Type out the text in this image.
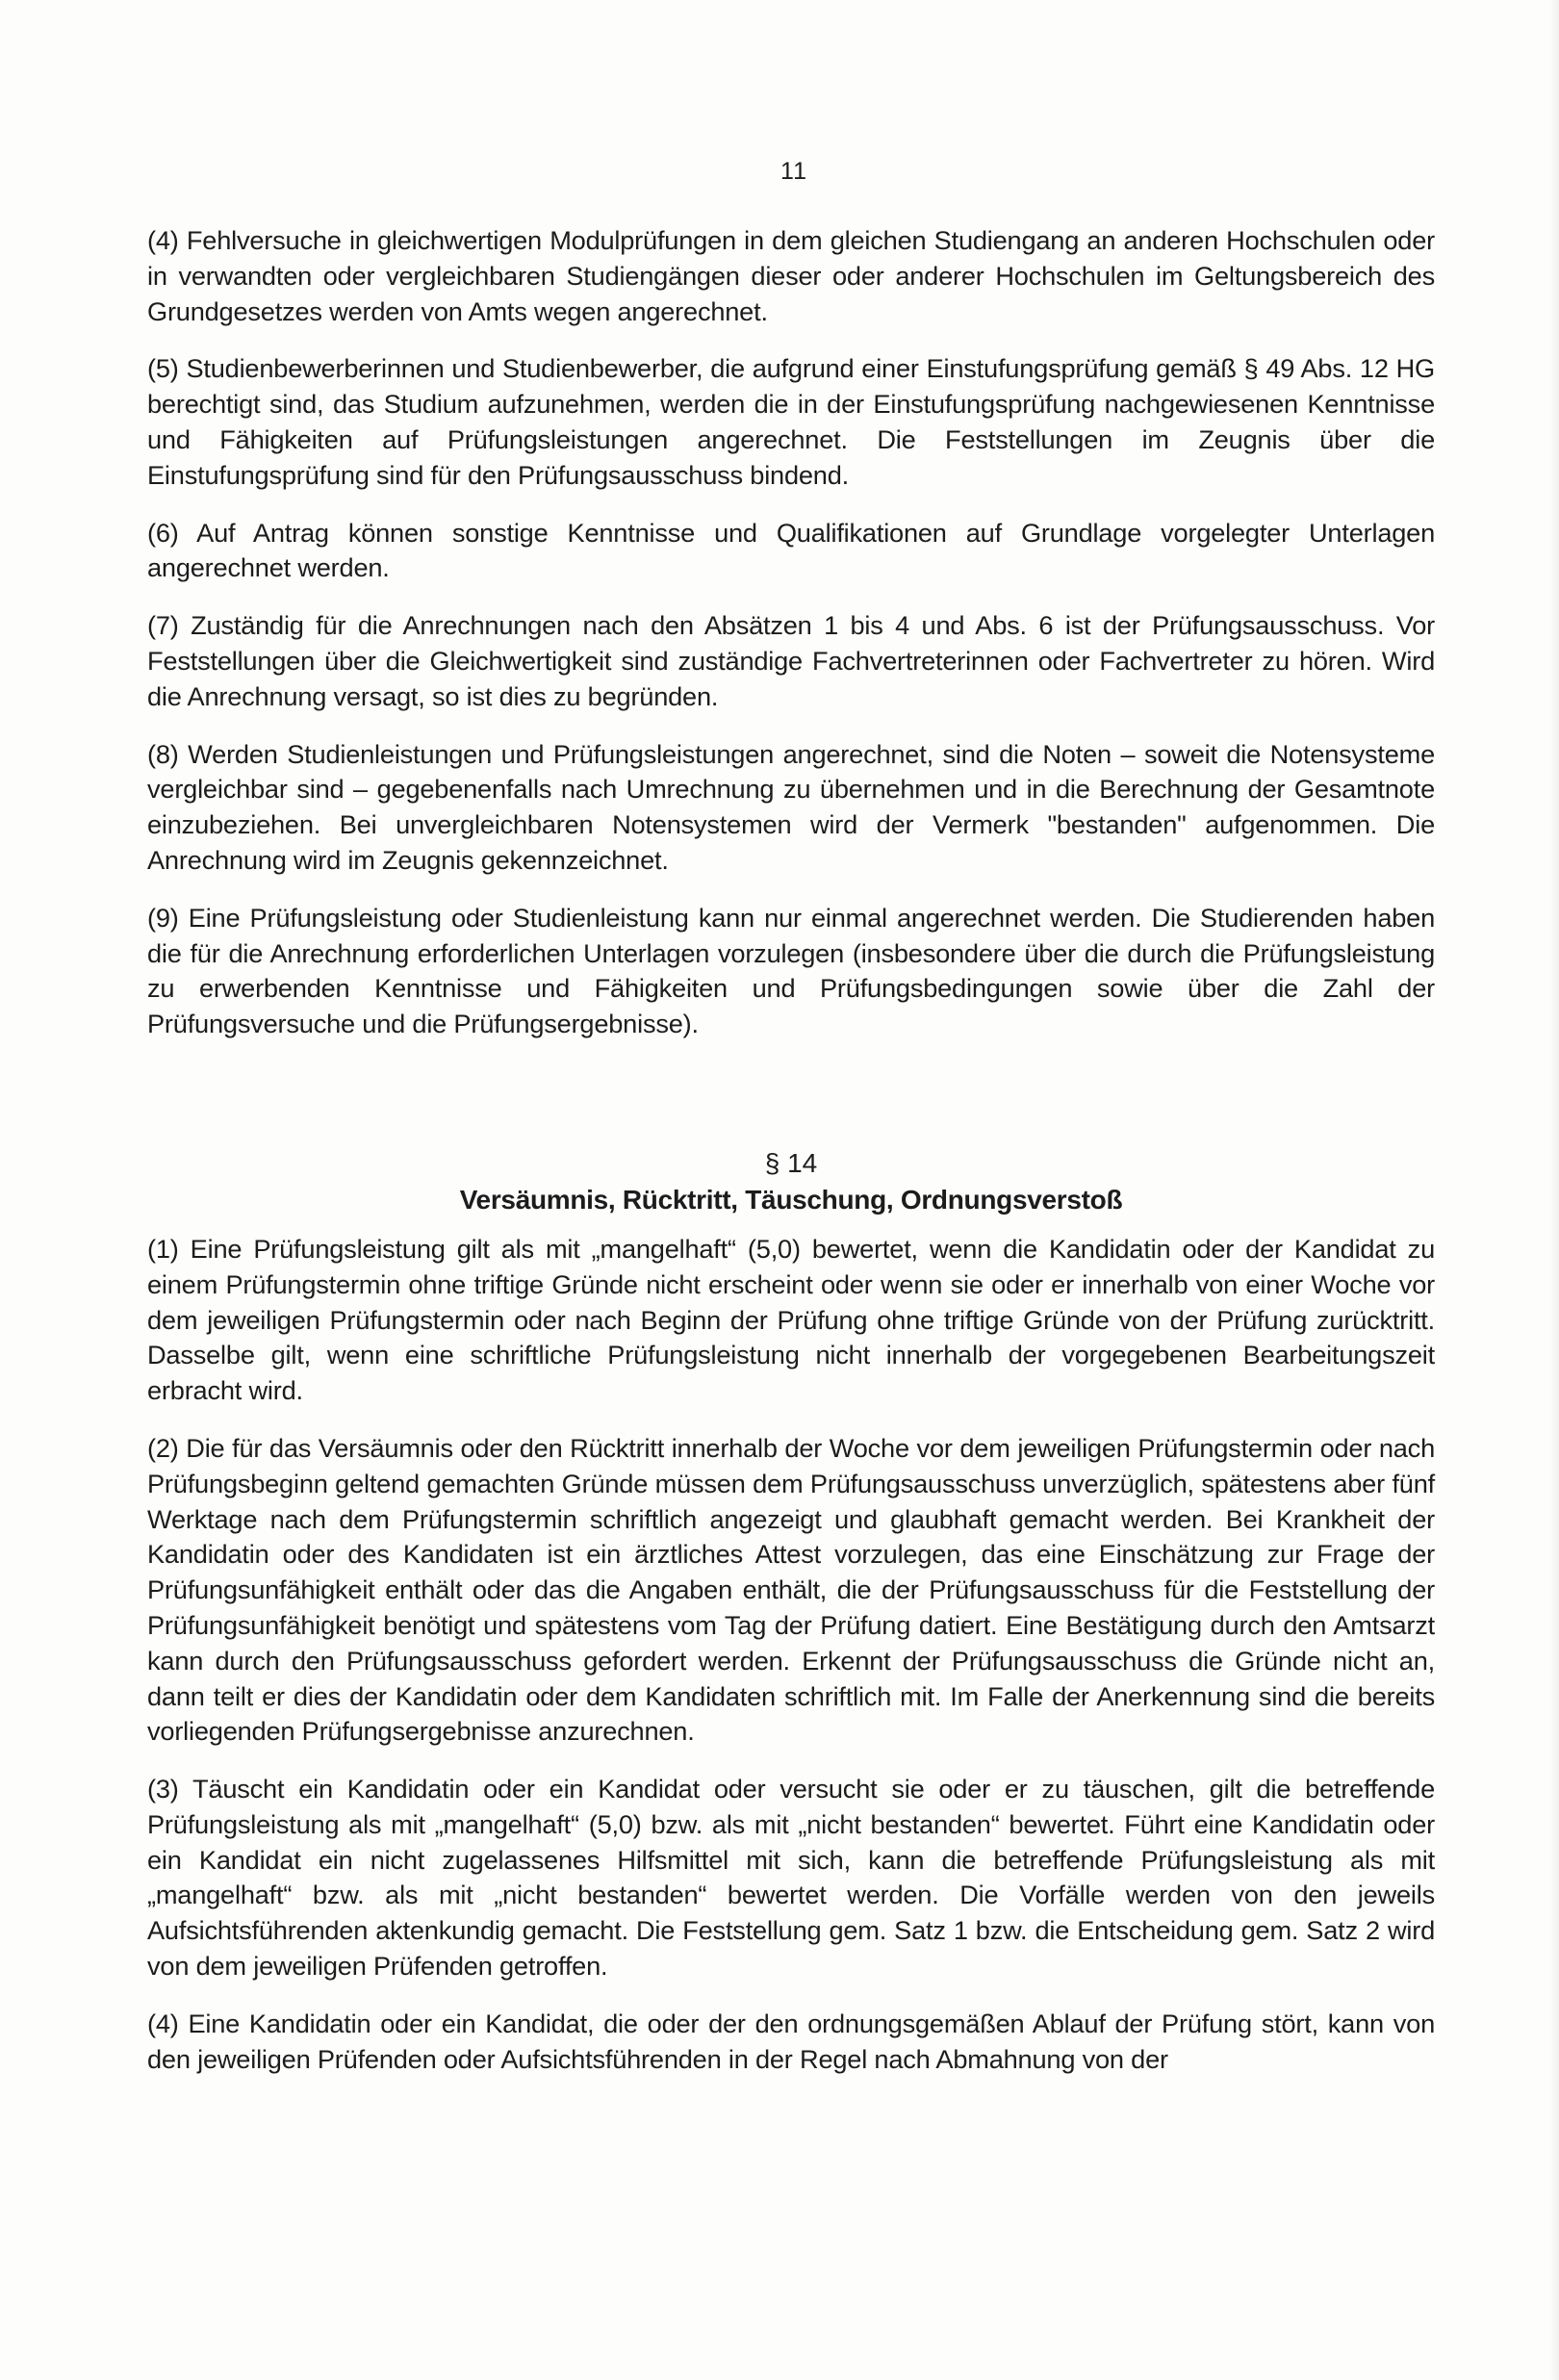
11

(4) Fehlversuche in gleichwertigen Modulprüfungen in dem gleichen Studiengang an anderen Hochschulen oder in verwandten oder vergleichbaren Studiengängen dieser oder anderer Hochschulen im Geltungsbereich des Grundgesetzes werden von Amts wegen angerechnet.

(5) Studienbewerberinnen und Studienbewerber, die aufgrund einer Einstufungsprüfung gemäß § 49 Abs. 12 HG berechtigt sind, das Studium aufzunehmen, werden die in der Einstufungsprüfung nachgewiesenen Kenntnisse und Fähigkeiten auf Prüfungsleistungen angerechnet. Die Feststellungen im Zeugnis über die Einstufungsprüfung sind für den Prüfungsausschuss bindend.

(6) Auf Antrag können sonstige Kenntnisse und Qualifikationen auf Grundlage vorgelegter Unterlagen angerechnet werden.

(7) Zuständig für die Anrechnungen nach den Absätzen 1 bis 4 und Abs. 6 ist der Prüfungsausschuss. Vor Feststellungen über die Gleichwertigkeit sind zuständige Fachvertreterinnen oder Fachvertreter zu hören. Wird die Anrechnung versagt, so ist dies zu begründen.

(8) Werden Studienleistungen und Prüfungsleistungen angerechnet, sind die Noten – soweit die Notensysteme vergleichbar sind – gegebenenfalls nach Umrechnung zu übernehmen und in die Berechnung der Gesamtnote einzubeziehen. Bei unvergleichbaren Notensystemen wird der Vermerk "bestanden" aufgenommen. Die Anrechnung wird im Zeugnis gekennzeichnet.

(9) Eine Prüfungsleistung oder Studienleistung kann nur einmal angerechnet werden. Die Studierenden haben die für die Anrechnung erforderlichen Unterlagen vorzulegen (insbesondere über die durch die Prüfungsleistung zu erwerbenden Kenntnisse und Fähigkeiten und Prüfungsbedingungen sowie über die Zahl der Prüfungsversuche und die Prüfungsergebnisse).

§ 14
Versäumnis, Rücktritt, Täuschung, Ordnungsverstoß

(1) Eine Prüfungsleistung gilt als mit „mangelhaft“ (5,0) bewertet, wenn die Kandidatin oder der Kandidat zu einem Prüfungstermin ohne triftige Gründe nicht erscheint oder wenn sie oder er innerhalb von einer Woche vor dem jeweiligen Prüfungstermin oder nach Beginn der Prüfung ohne triftige Gründe von der Prüfung zurücktritt. Dasselbe gilt, wenn eine schriftliche Prüfungsleistung nicht innerhalb der vorgegebenen Bearbeitungszeit erbracht wird.

(2) Die für das Versäumnis oder den Rücktritt innerhalb der Woche vor dem jeweiligen Prüfungstermin oder nach Prüfungsbeginn geltend gemachten Gründe müssen dem Prüfungsausschuss unverzüglich, spätestens aber fünf Werktage nach dem Prüfungstermin schriftlich angezeigt und glaubhaft gemacht werden. Bei Krankheit der Kandidatin oder des Kandidaten ist ein ärztliches Attest vorzulegen, das eine Einschätzung zur Frage der Prüfungsunfähigkeit enthält oder das die Angaben enthält, die der Prüfungsausschuss für die Feststellung der Prüfungsunfähigkeit benötigt und spätestens vom Tag der Prüfung datiert. Eine Bestätigung durch den Amtsarzt kann durch den Prüfungsausschuss gefordert werden. Erkennt der Prüfungsausschuss die Gründe nicht an, dann teilt er dies der Kandidatin oder dem Kandidaten schriftlich mit. Im Falle der Anerkennung sind die bereits vorliegenden Prüfungsergebnisse anzurechnen.

(3) Täuscht ein Kandidatin oder ein Kandidat oder versucht sie oder er zu täuschen, gilt die betreffende Prüfungsleistung als mit „mangelhaft“ (5,0) bzw. als mit „nicht bestanden“ bewertet. Führt eine Kandidatin oder ein Kandidat ein nicht zugelassenes Hilfsmittel mit sich, kann die betreffende Prüfungsleistung als mit „mangelhaft“ bzw. als mit „nicht bestanden“ bewertet werden. Die Vorfälle werden von den jeweils Aufsichtsführenden aktenkundig gemacht. Die Feststellung gem. Satz 1 bzw. die Entscheidung gem. Satz 2 wird von dem jeweiligen Prüfenden getroffen.

(4) Eine Kandidatin oder ein Kandidat, die oder der den ordnungsgemäßen Ablauf der Prüfung stört, kann von den jeweiligen Prüfenden oder Aufsichtsführenden in der Regel nach Abmahnung von der
